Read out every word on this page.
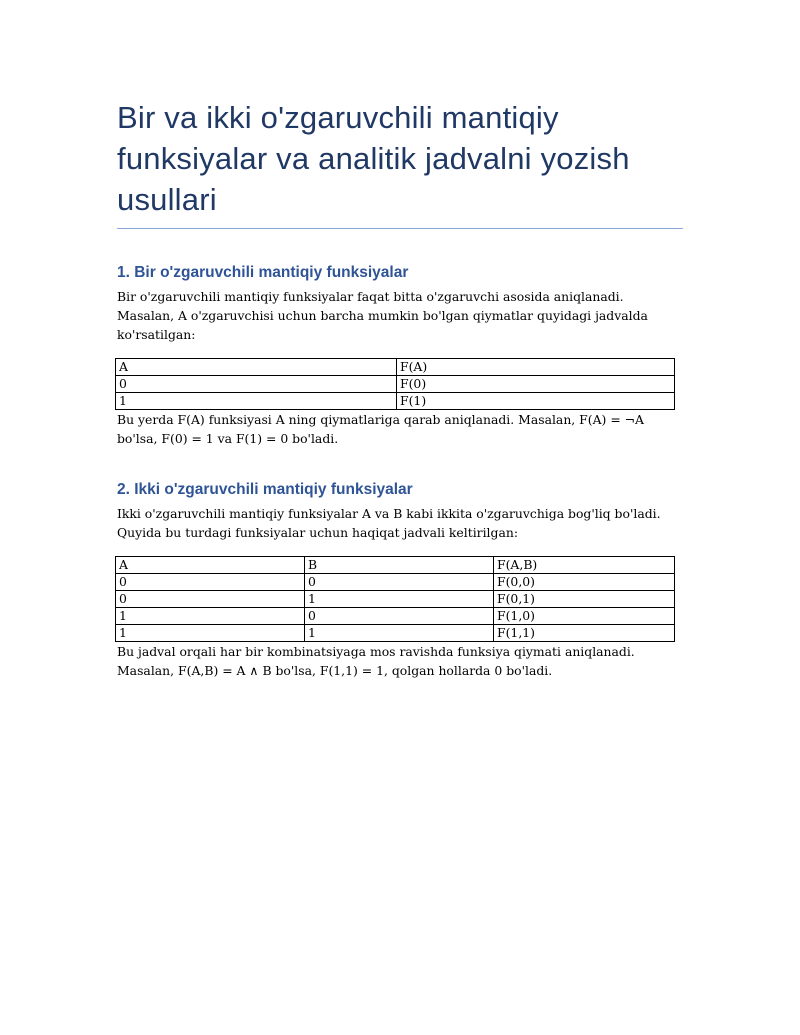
Bir va ikki o'zgaruvchili mantiqiy funksiyalar va analitik jadvalni yozish usullari
1. Bir o'zgaruvchili mantiqiy funksiyalar

Bir o'zgaruvchili mantiqiy funksiyalar faqat bitta o'zgaruvchi asosida aniqlanadi. Masalan, A o'zgaruvchisi uchun barcha mumkin bo'lgan qiymatlar quyidagi jadvalda ko'rsatilgan:

A	F(A)
0	F(0)
1	F(1)

Bu yerda F(A) funksiyasi A ning qiymatlariga qarab aniqlanadi. Masalan, F(A) = ¬A bo'lsa, F(0) = 1 va F(1) = 0 bo'ladi.

2. Ikki o'zgaruvchili mantiqiy funksiyalar

Ikki o'zgaruvchili mantiqiy funksiyalar A va B kabi ikkita o'zgaruvchiga bog'liq bo'ladi. Quyida bu turdagi funksiyalar uchun haqiqat jadvali keltirilgan:

A	B	F(A,B)
0	0	F(0,0)
0	1	F(0,1)
1	0	F(1,0)
1	1	F(1,1)

Bu jadval orqali har bir kombinatsiyaga mos ravishda funksiya qiymati aniqlanadi. Masalan, F(A,B) = A ∧ B bo'lsa, F(1,1) = 1, qolgan hollarda 0 bo'ladi.
